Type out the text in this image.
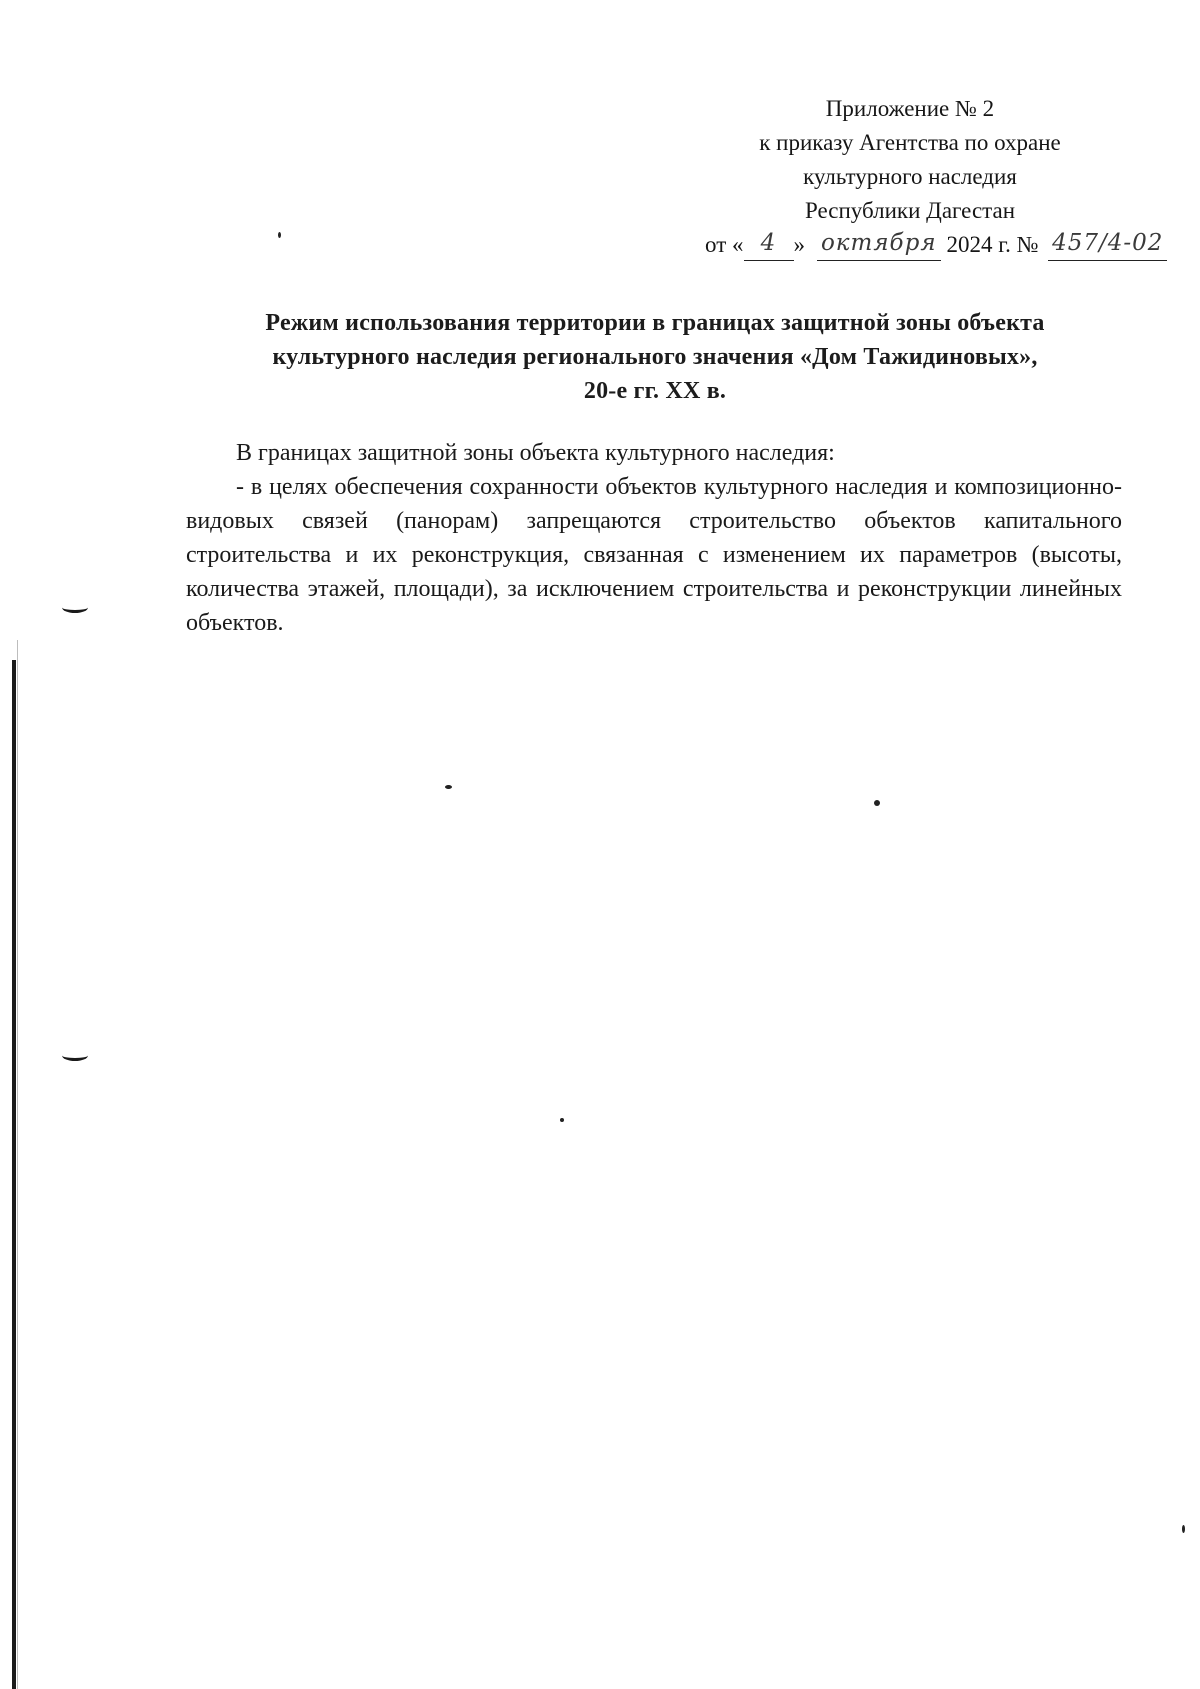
Приложение № 2
к приказу Агентства по охране
культурного наследия
Республики Дагестан
от « 4 » октября 2024 г. № 457/4-02
Режим использования территории в границах защитной зоны объекта
культурного наследия регионального значения «Дом Тажидиновых»,
20-е гг. XX в.

В границах защитной зоны объекта культурного наследия:

- в целях обеспечения сохранности объектов культурного наследия и композиционно-видовых связей (панорам) запрещаются строительство объектов капитального строительства и их реконструкция, связанная с изменением их параметров (высоты, количества этажей, площади), за исключением строительства и реконструкции линейных объектов.
